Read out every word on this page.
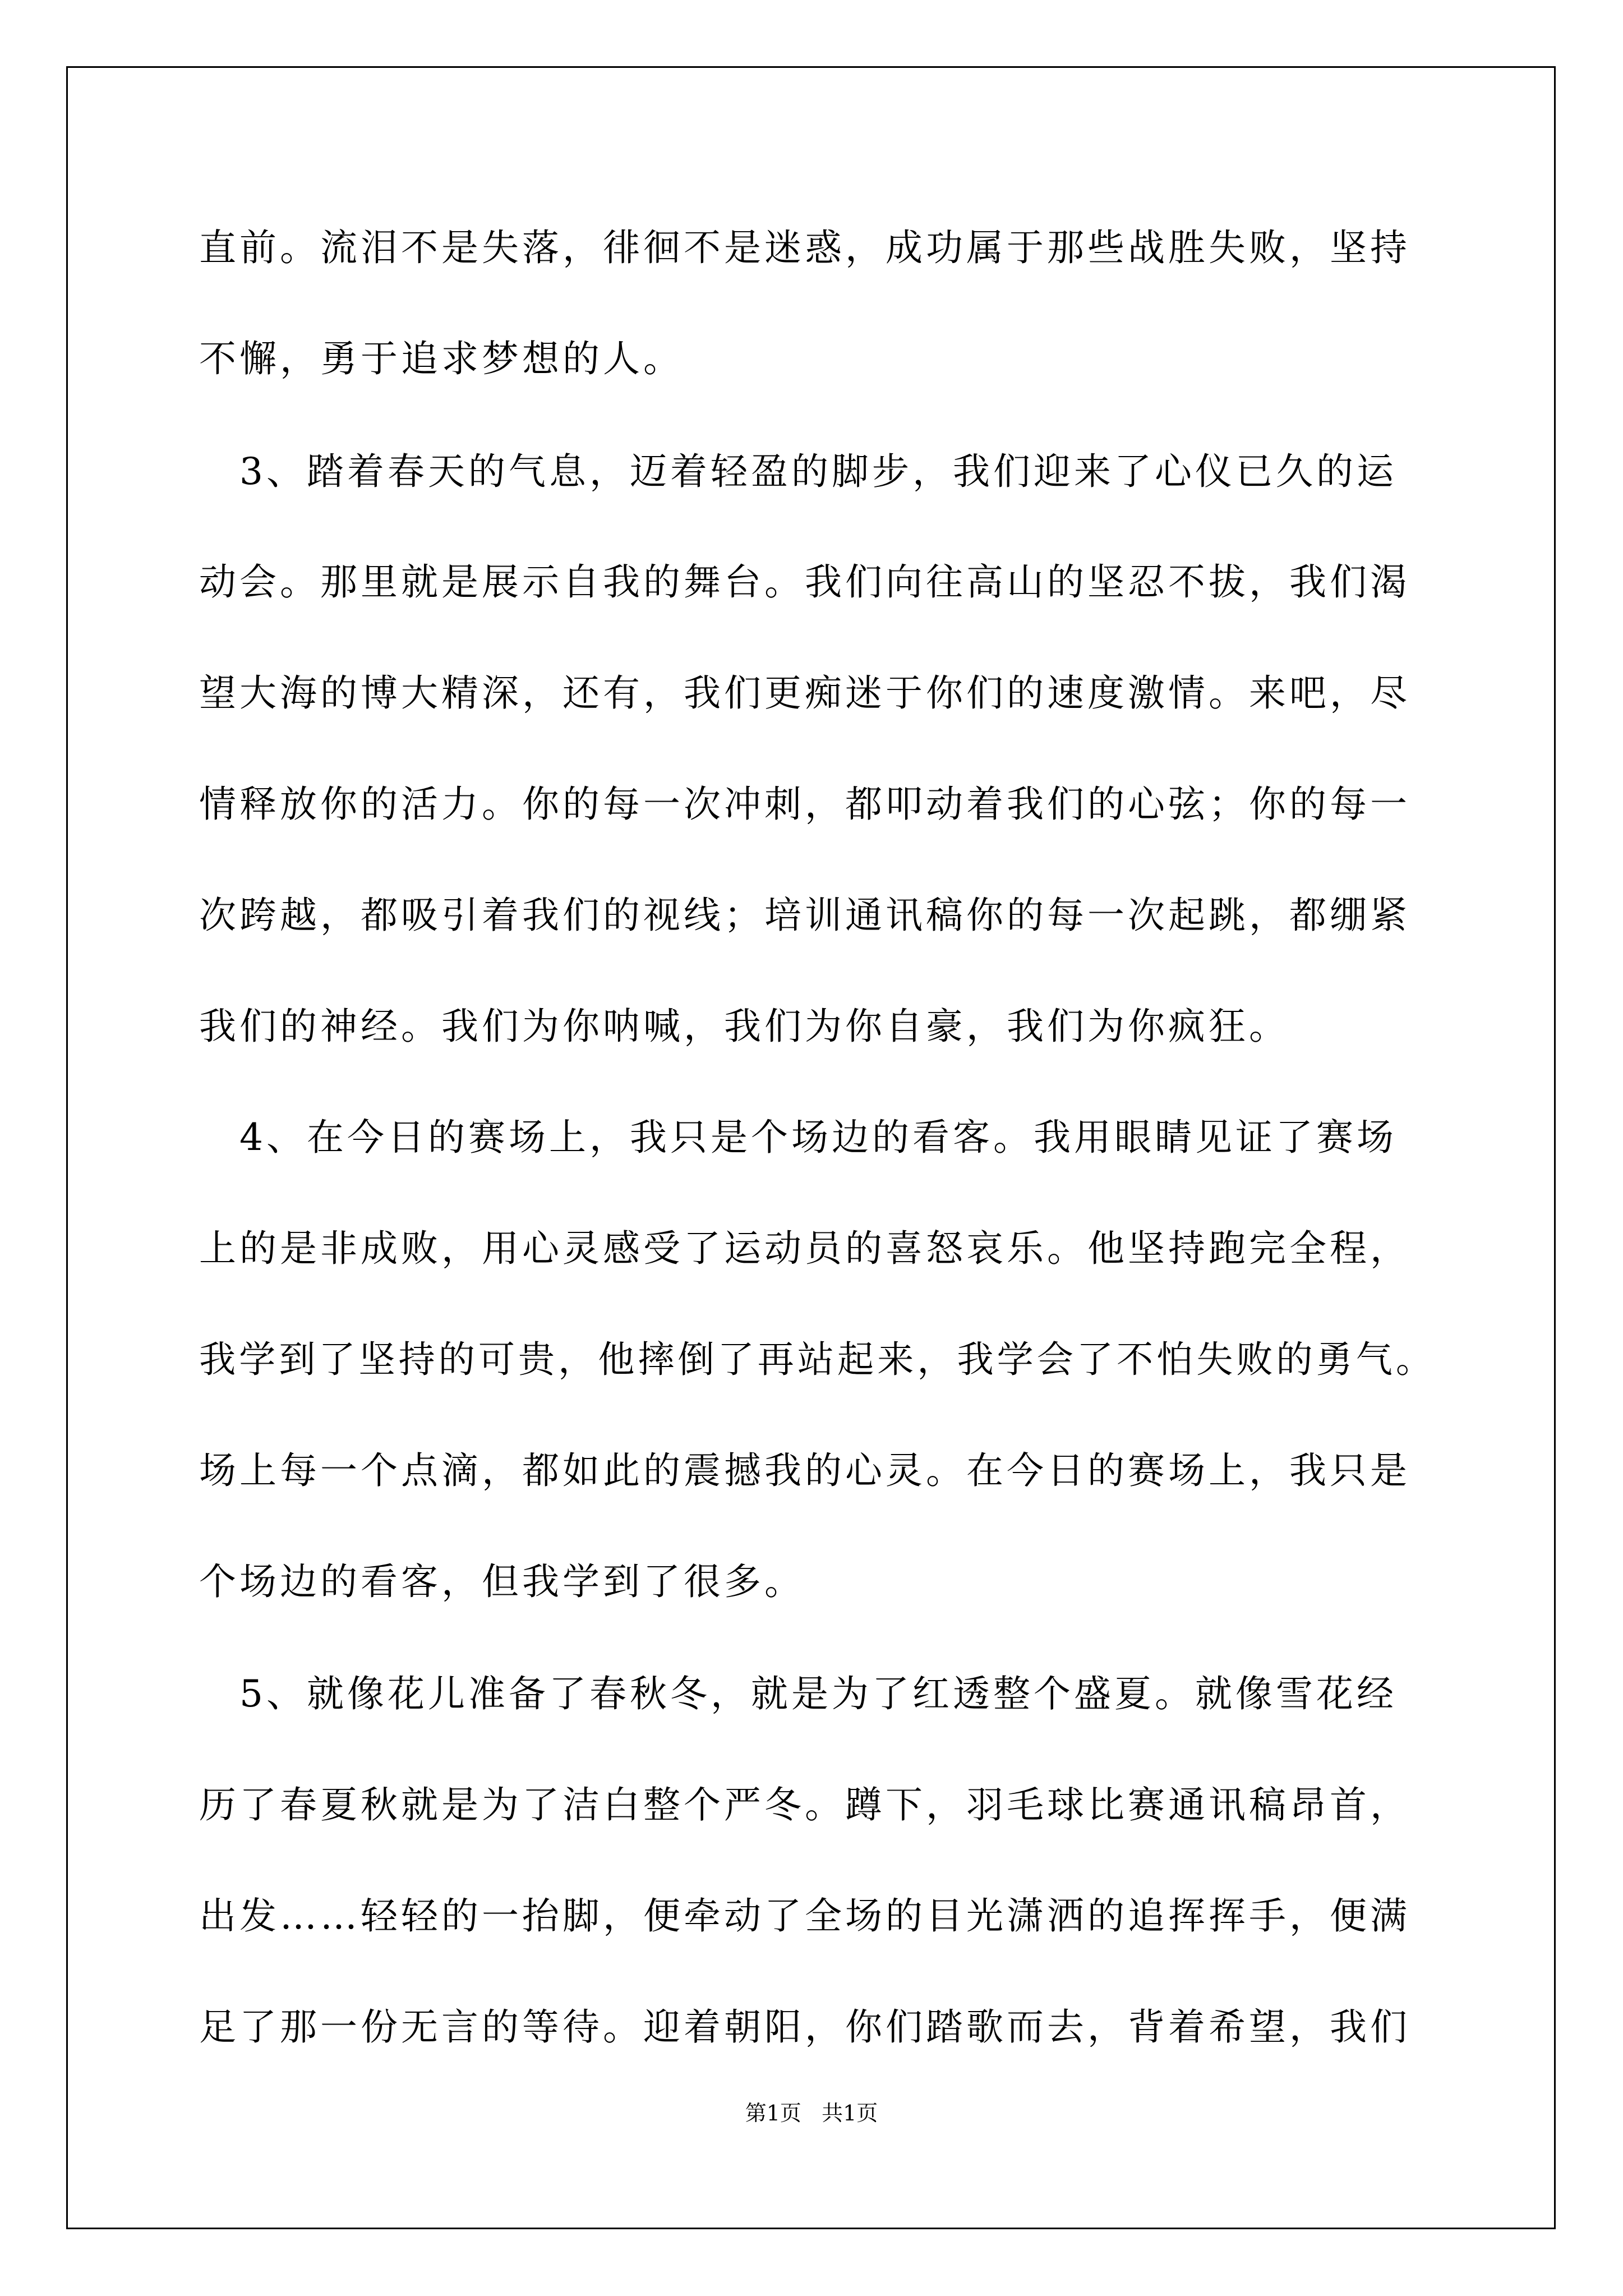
直前。流泪不是失落，徘徊不是迷惑，成功属于那些战胜失败，坚持
不懈，勇于追求梦想的人。
　3、踏着春天的气息，迈着轻盈的脚步，我们迎来了心仪已久的运
动会。那里就是展示自我的舞台。我们向往高山的坚忍不拔，我们渴
望大海的博大精深，还有，我们更痴迷于你们的速度激情。来吧，尽
情释放你的活力。你的每一次冲刺，都叩动着我们的心弦；你的每一
次跨越，都吸引着我们的视线；培训通讯稿你的每一次起跳，都绷紧
我们的神经。我们为你呐喊，我们为你自豪，我们为你疯狂。
　4、在今日的赛场上，我只是个场边的看客。我用眼睛见证了赛场
上的是非成败，用心灵感受了运动员的喜怒哀乐。他坚持跑完全程，
我学到了坚持的可贵，他摔倒了再站起来，我学会了不怕失败的勇气。
场上每一个点滴，都如此的震撼我的心灵。在今日的赛场上，我只是
个场边的看客，但我学到了很多。
　5、就像花儿准备了春秋冬，就是为了红透整个盛夏。就像雪花经
历了春夏秋就是为了洁白整个严冬。蹲下，羽毛球比赛通讯稿昂首，
出发……轻轻的一抬脚，便牵动了全场的目光潇洒的追挥挥手，便满
足了那一份无言的等待。迎着朝阳，你们踏歌而去，背着希望，我们
第1页 共1页
